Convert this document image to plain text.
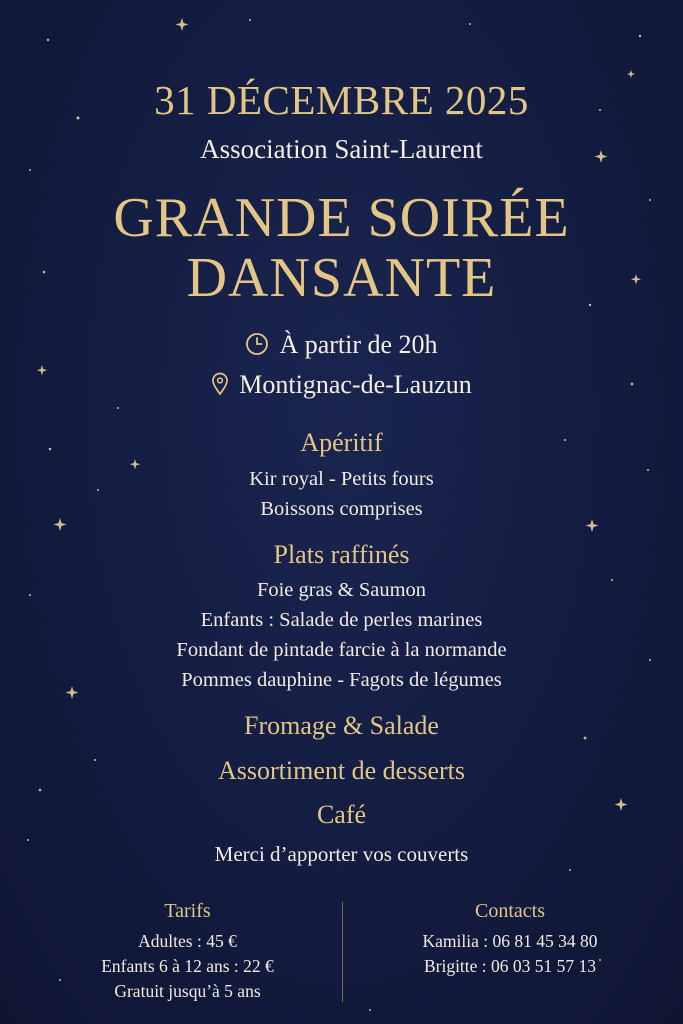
31 DÉCEMBRE 2025
Association Saint-Laurent
GRANDE SOIRÉE
DANSANTE
À partir de 20h
Montignac-de-Lauzun
Apéritif
Kir royal - Petits fours
Boissons comprises
Plats raffinés
Foie gras & Saumon
Enfants : Salade de perles marines
Fondant de pintade farcie à la normande
Pommes dauphine - Fagots de légumes
Fromage & Salade
Assortiment de desserts
Café
Merci d’apporter vos couverts
Tarifs
Adultes : 45 €
Enfants 6 à 12 ans : 22 €
Gratuit jusqu’à 5 ans
Contacts
Kamilia : 06 81 45 34 80
Brigitte : 06 03 51 57 13
